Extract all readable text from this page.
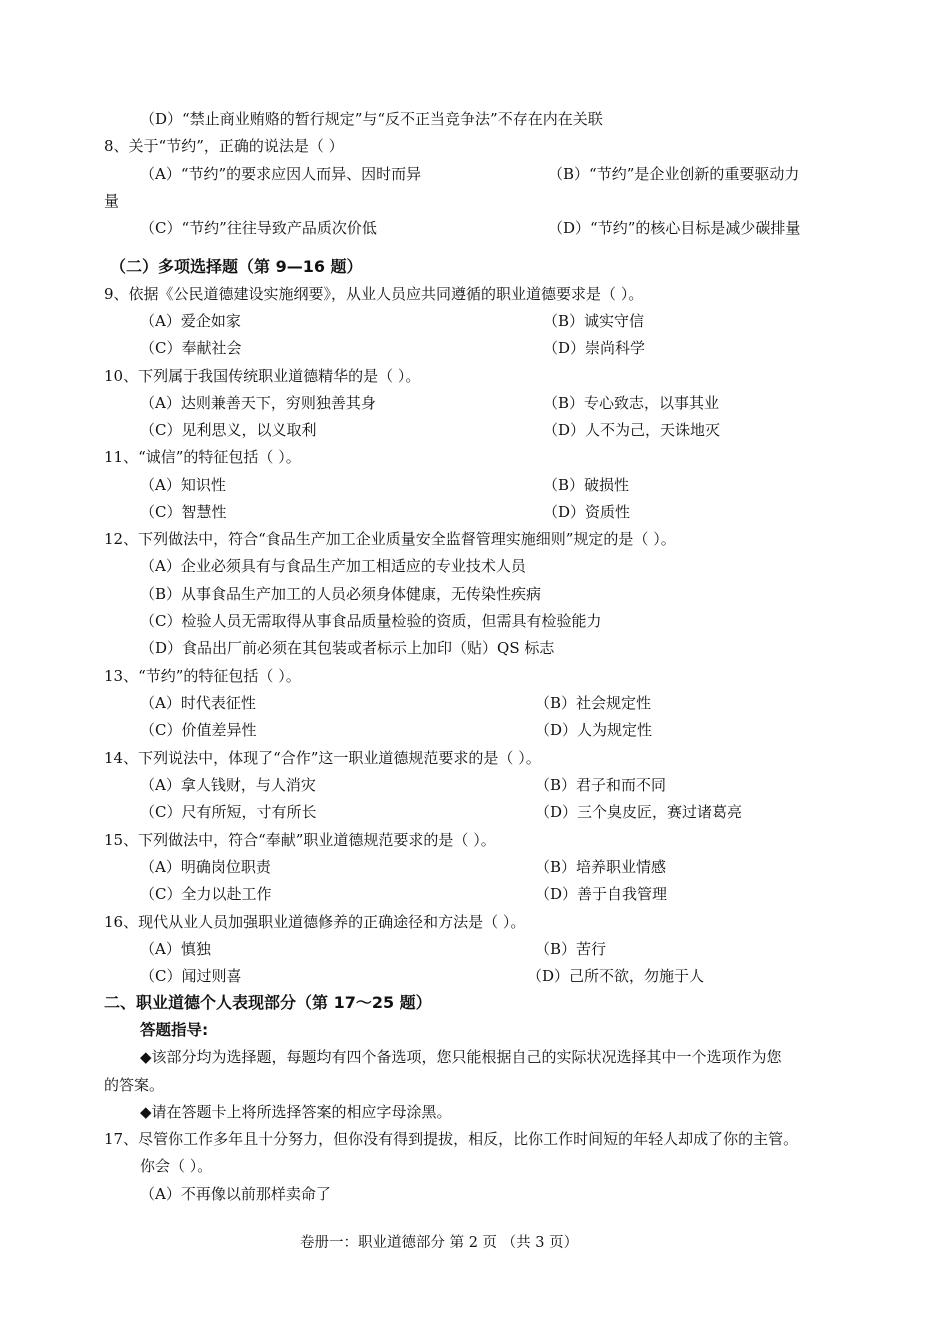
（D）“禁止商业贿赂的暂行规定”与“反不正当竞争法”不存在内在关联
8、关于“节约”，正确的说法是（ ）
（A）“节约”的要求应因人而异、因时而异	（B）“节约”是企业创新的重要驱动力
量
（C）“节约”往往导致产品质次价低	（D）“节约”的核心目标是减少碳排量
（二）多项选择题（第 9—16 题）
9、依据《公民道德建设实施纲要》，从业人员应共同遵循的职业道德要求是（ ）。
（A）爱企如家	（B）诚实守信
（C）奉献社会	（D）崇尚科学
10、下列属于我国传统职业道德精华的是（ ）。
（A）达则兼善天下，穷则独善其身	（B）专心致志，以事其业
（C）见利思义，以义取利	（D）人不为己，天诛地灭
11、“诚信”的特征包括（ ）。
（A）知识性	（B）破损性
（C）智慧性	（D）资质性
12、下列做法中，符合“食品生产加工企业质量安全监督管理实施细则”规定的是（ ）。
（A）企业必须具有与食品生产加工相适应的专业技术人员
（B）从事食品生产加工的人员必须身体健康，无传染性疾病
（C）检验人员无需取得从事食品质量检验的资质，但需具有检验能力
（D）食品出厂前必须在其包装或者标示上加印（贴）QS 标志
13、“节约”的特征包括（ ）。
（A）时代表征性	（B）社会规定性
（C）价值差异性	（D）人为规定性
14、下列说法中，体现了“合作”这一职业道德规范要求的是（ ）。
（A）拿人钱财，与人消灾	（B）君子和而不同
（C）尺有所短，寸有所长	（D）三个臭皮匠，赛过诸葛亮
15、下列做法中，符合“奉献”职业道德规范要求的是（ ）。
（A）明确岗位职责	（B）培养职业情感
（C）全力以赴工作	（D）善于自我管理
16、现代从业人员加强职业道德修养的正确途径和方法是（ ）。
（A）慎独	（B）苦行
（C）闻过则喜	（D）己所不欲，勿施于人
二、职业道德个人表现部分（第 17～25 题）
答题指导:
◆该部分均为选择题，每题均有四个备选项，您只能根据自己的实际状况选择其中一个选项作为您
的答案。
◆请在答题卡上将所选择答案的相应字母涂黑。
17、尽管你工作多年且十分努力，但你没有得到提拔，相反，比你工作时间短的年轻人却成了你的主管。
你会（ ）。
（A）不再像以前那样卖命了
卷册一：职业道德部分 第 2 页 （共 3 页）
